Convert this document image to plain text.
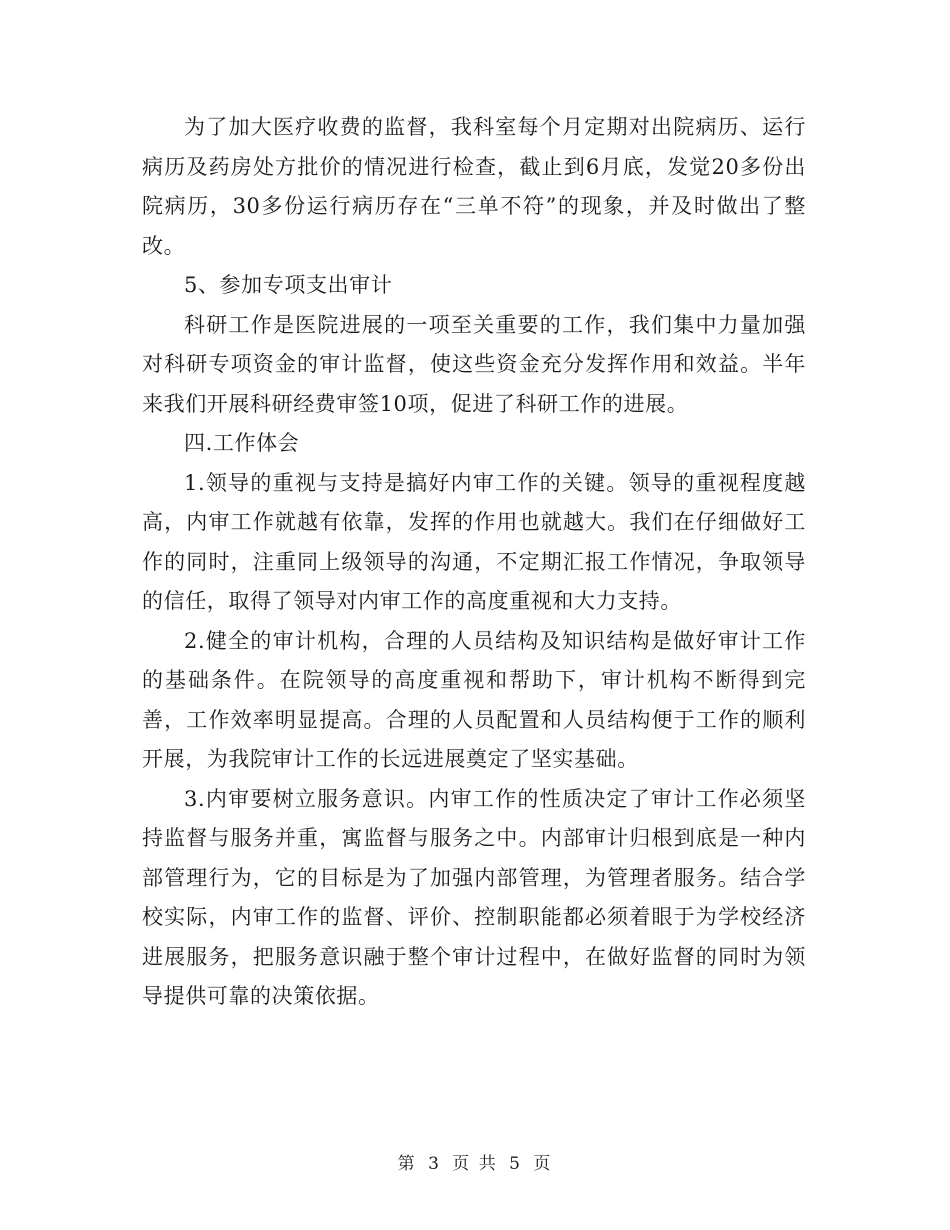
为了加大医疗收费的监督，我科室每个月定期对出院病历、运行病历及药房处方批价的情况进行检查，截止到6月底，发觉20多份出院病历，30多份运行病历存在“三单不符”的现象，并及时做出了整改。

5、参加专项支出审计

科研工作是医院进展的一项至关重要的工作，我们集中力量加强对科研专项资金的审计监督，使这些资金充分发挥作用和效益。半年来我们开展科研经费审签10项，促进了科研工作的进展。

四.工作体会

1.领导的重视与支持是搞好内审工作的关键。领导的重视程度越高，内审工作就越有依靠，发挥的作用也就越大。我们在仔细做好工作的同时，注重同上级领导的沟通，不定期汇报工作情况，争取领导的信任，取得了领导对内审工作的高度重视和大力支持。

2.健全的审计机构，合理的人员结构及知识结构是做好审计工作的基础条件。在院领导的高度重视和帮助下，审计机构不断得到完善，工作效率明显提高。合理的人员配置和人员结构便于工作的顺利开展，为我院审计工作的长远进展奠定了坚实基础。

3.内审要树立服务意识。内审工作的性质决定了审计工作必须坚持监督与服务并重，寓监督与服务之中。内部审计归根到底是一种内部管理行为，它的目标是为了加强内部管理，为管理者服务。结合学校实际，内审工作的监督、评价、控制职能都必须着眼于为学校经济进展服务，把服务意识融于整个审计过程中，在做好监督的同时为领导提供可靠的决策依据。

第 3 页 共 5 页
